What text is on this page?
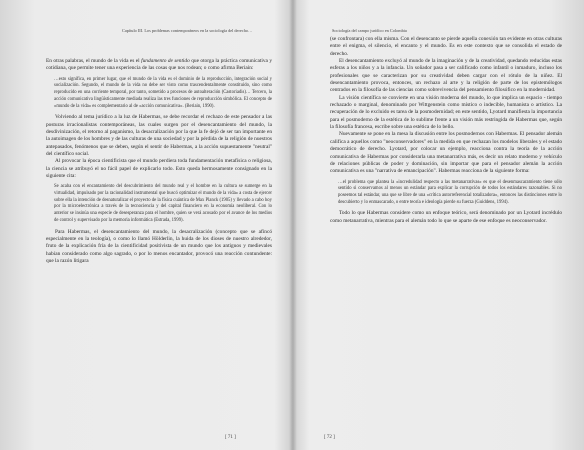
Capítulo III. Los problemas contemporáneos en la sociología del derecho…

En otras palabras, el mundo de la vida es el fundamento de sentido que otorga la práctica comunicativa y cotidiana, que permite tener una experiencia de las cosas que nos rodean; o como afirma Beriain:

…esto significa, en primer lugar, que el mundo de la vida es el dominio de la reproducción, integración social y socialización. Segundo, el mundo de la vida no debe ser visto como trascendentalmente constituido, sino como reproducido en una corriente temporal, por tanto, sometido a procesos de autoalteración (Castoriadis)… Tercero, la acción comunicativa lingüísticamente mediada realiza las tres funciones de reproducción simbólica. El concepto de «mundo de la vida» es complementario al de «acción comunicativa». (Beriain, 1990).

Volviendo al tema jurídico a la luz de Habermas, se debe recordar el rechazo de este pensador a las posturas irracionalistas contemporáneas, las cuales surgen por el desencantamiento del mundo, la desdivinización, el retorno al paganismo, la desacralización por la que la fe dejó de ser tan importante en la autoimagen de los hombres y de las culturas de una sociedad y por la pérdida de la religión de nuestros antepasados, fenómenos que se deben, según el sentir de Habermas, a la acción supuestamente "neutral" del científico social.

Al provocar la época cientificista que el mundo perdiera toda fundamentación metafísica o religiosa, la ciencia se atribuyó el no fácil papel de explicarlo todo. Esto queda hermosamente consignado en la siguiente cita:

Se acaba con el encantamiento del descubrimiento del mundo real y el hombre en la cultura se sumerge en la virtualidad, impulsado por la racionalidad instrumental que buscó optimizar el mundo de la vida» a costa de ejercer sobre ella la intención de desnaturalizar el proyecto de la física cuántica de Max Planck (1905) y llevado a cabo hoy por la microelectrónica a través de la tecnociencia y del capital financiero en la economía neoliberal. Con lo anterior se insinúa una especie de desesperanza para el hombre, quien se verá acosado por el avance de los medios de control y supervisado por la memoria informática (Estrada, 1999).

Para Habermas, el desencantamiento del mundo, la desacralización (concepto que se afincó especialmente en la teología), o como lo llamó Hölderlin, la huida de los dioses de nuestro alrededor, fruto de la explicación fría de la cientificidad positivista de un mundo que los antiguos y medievales habían considerado como algo sagrado, o por lo menos encantador, provocó una reacción contundente: que la razón litigara

[ 71 ]
Sociología del campo jurídico en Colombia

(se confrontara) con ella misma. Con el desencanto se pierde aquella conexión tan evidente en otras culturas entre el enigma, el silencio, el encanto y el mundo. Es en este contexto que se consolida el estado de derecho.

El desencantamiento excluyó al mundo de la imaginación y de la creatividad, quedando reducidas estas esferas a los niños y a la infancia. Un soñador pasa a ser calificado como infantil o inmaduro, incluso los profesionales que se caracterizan por su creatividad deben cargar con el rótulo de la niñez. El desencantamiento provoca, entonces, un rechazo al arte y la religión de parte de los epistemólogos centrados en la filosofía de las ciencias como sobrevivencia del pensamiento filosófico en la modernidad.

La visión científica se convierte en una visión moderna del mundo, lo que implica un espacio - tiempo rechazado o marginal, denominado por Wittgenstein como místico o indecible, humanista o artístico. La recuperación de lo excluido es tarea de la posmodernidad; en este sentido, Lyotard manifiesta la importancia para el posmoderno de la estética de lo sublime frente a un visión más restringida de Habermas que, según la filosofía francesa, escribe sobre una estética de lo bello.

Nuevamente se pone en la mesa la discusión entre los posmodernos con Habermas. El pensador alemán califica a aquellos como "neoconservadores" en la medida en que rechazan los modelos liberales y el estado democrático de derecho. Lyotard, por colocar un ejemplo, reacciona contra la teoría de la acción comunicativa de Habermas por considerarla una metanarrativa más, es decir un relato moderno y vehículo de relaciones públicas de poder y dominación, sin importar que para el pensador alemán la acción comunicativa es una "narrativa de emancipación". Habermas reacciona de la siguiente forma:

…el problema que plantea la «incredulidad respecto a las metanarrativas» es que el desenmascaramiento tiene sólo sentido si conservamos al menos un estándar para explicar la corrupción de todos los estándares razonables. Si no poseemos tal estándar, una que se libre de una «crítica autorreferencial totalizadora», entonces las distinciones entre lo descubierto y lo enmascarado, o entre teoría e ideología pierde su fuerza (Guiddens, 1994).

Todo lo que Habermas considere como un enfoque teórico, será denominado por un Lyotard incrédulo como metanarrativa, mientras para el alemán todo lo que se aparte de ese enfoque es neoconservador.

[ 72 ]
